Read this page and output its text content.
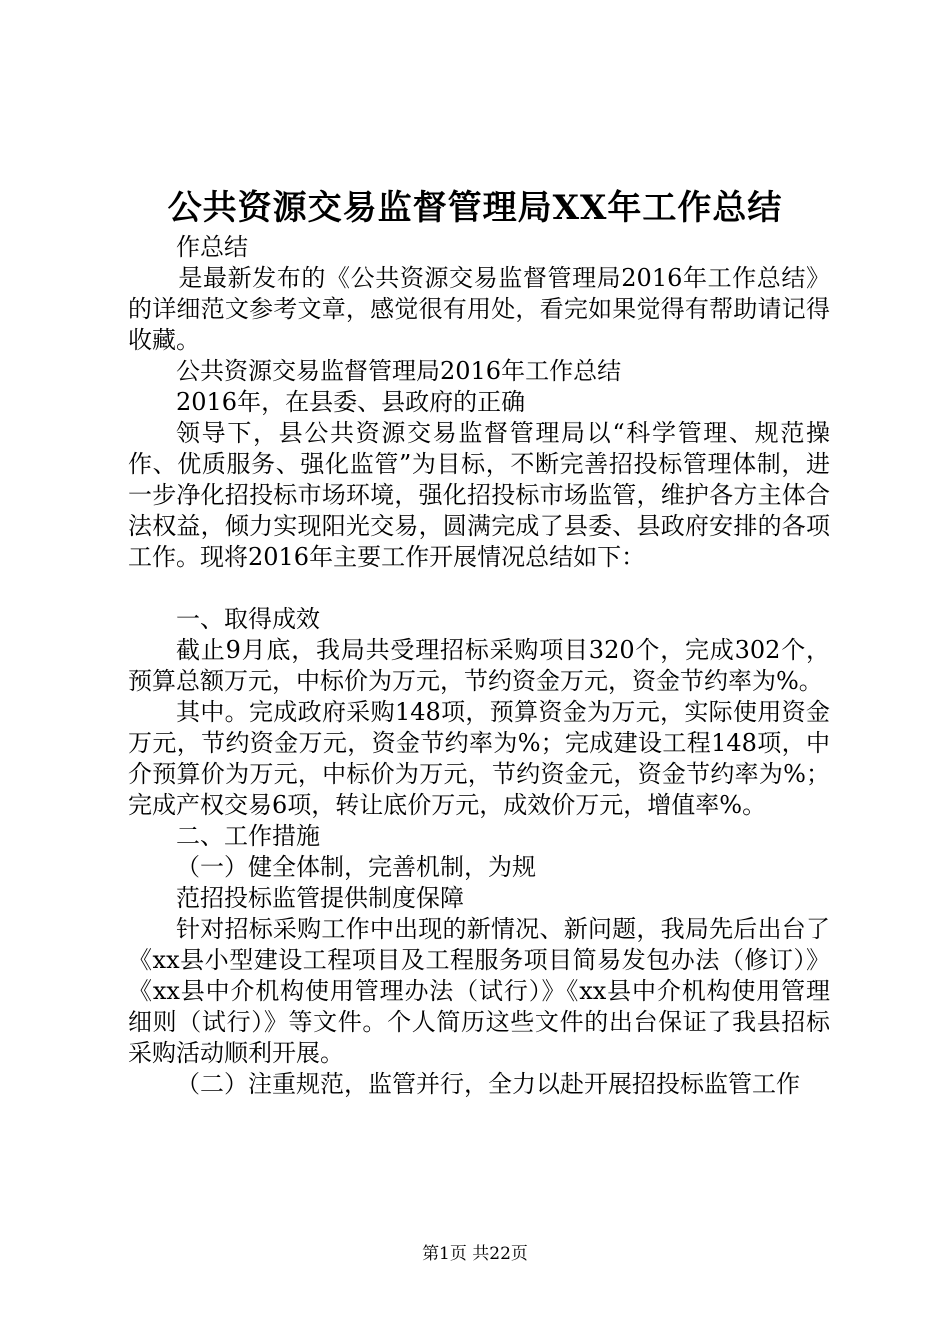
公共资源交易监督管理局XX年工作总结

作总结

是最新发布的《公共资源交易监督管理局2016年工作总结》的详细范文参考文章，感觉很有用处，看完如果觉得有帮助请记得收藏。

公共资源交易监督管理局2016年工作总结

2016年，在县委、县政府的正确

领导下，县公共资源交易监督管理局以“科学管理、规范操作、优质服务、强化监管”为目标，不断完善招投标管理体制，进一步净化招投标市场环境，强化招投标市场监管，维护各方主体合法权益，倾力实现阳光交易，圆满完成了县委、县政府安排的各项工作。现将2016年主要工作开展情况总结如下：

一、取得成效

截止9月底，我局共受理招标采购项目320个，完成302个，预算总额万元，中标价为万元，节约资金万元，资金节约率为%。

其中。完成政府采购148项，预算资金为万元，实际使用资金万元，节约资金万元，资金节约率为%；完成建设工程148项，中介预算价为万元，中标价为万元，节约资金元，资金节约率为%；完成产权交易6项，转让底价万元，成效价万元，增值率%。

二、工作措施

（一）健全体制，完善机制，为规

范招投标监管提供制度保障

针对招标采购工作中出现的新情况、新问题，我局先后出台了《xx县小型建设工程项目及工程服务项目简易发包办法（修订）》《xx县中介机构使用管理办法（试行）》《xx县中介机构使用管理细则（试行）》等文件。个人简历这些文件的出台保证了我县招标采购活动顺利开展。

（二）注重规范，监管并行，全力以赴开展招投标监管工作

第1页 共22页
